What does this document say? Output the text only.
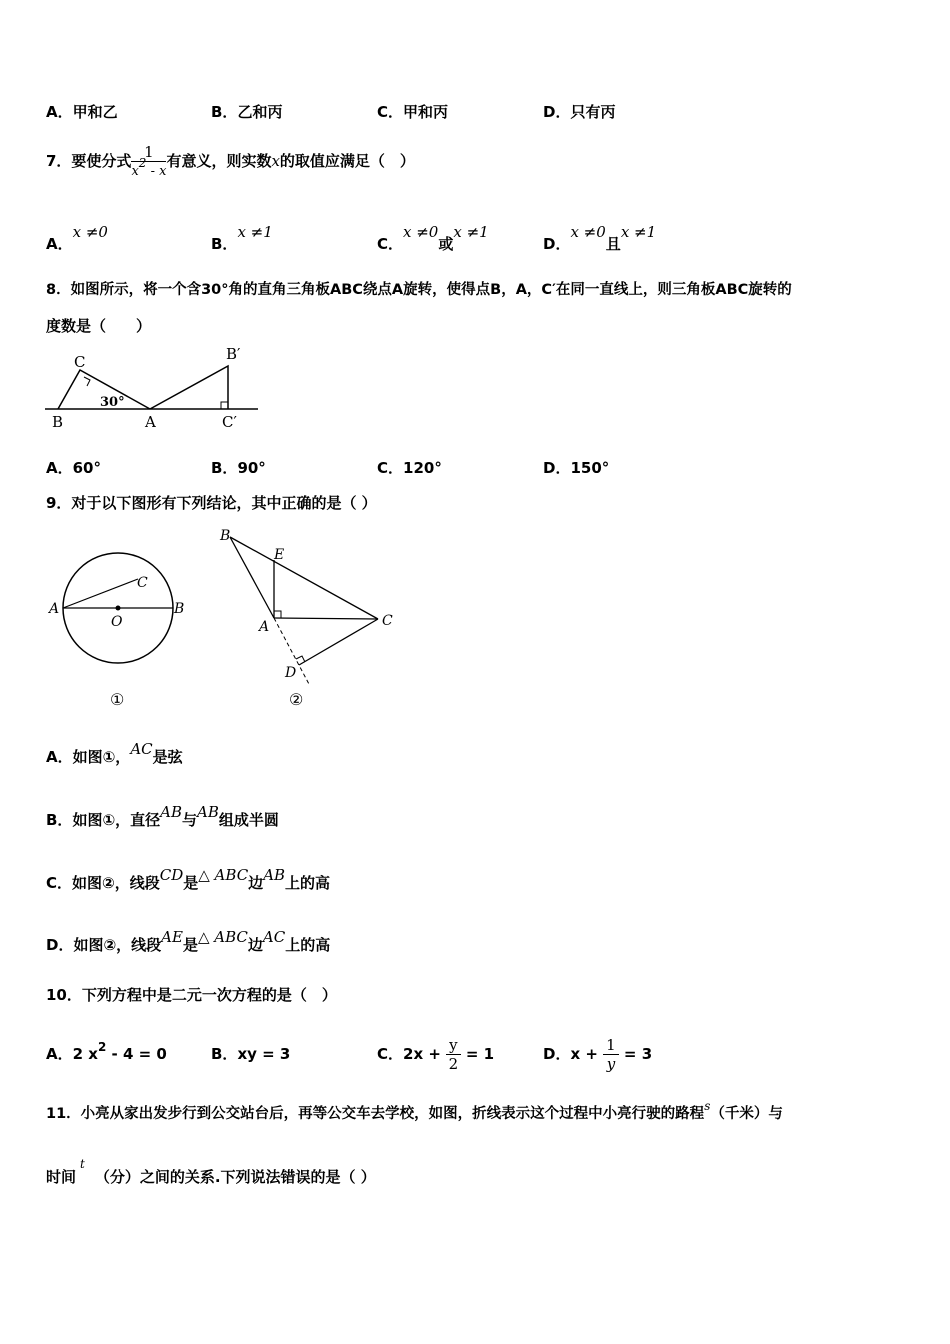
A．甲和乙	B．乙和丙	C．甲和丙	D．只有丙
7．要使分式 $\frac{1}{x2 - x}$ 有意义，则实数x的取值应满足（　）
A．x ≠0
B．x ≠1
C．x ≠0或x ≠1
D．x ≠0且x ≠1
8．如图所示，将一个含30°角的直角三角板ABC绕点A旋转，使得点B，A，C′在同一直线上，则三角板ABC旋转的
度数是（　　）
C
B	A
B′
C′
30°
A．60°	B．90°	C．120°	D．150°
9．对于以下图形有下列结论，其中正确的是（ ）
A	B
C
O
①
B
E
A	C
D
②
A．如图①，AC是弦
B．如图①，直径AB与AB组成半圆
C．如图②，线段CD是△ ABC边AB上的高
D．如图②，线段AE是△ ABC边AC上的高
10．下列方程中是二元一次方程的是（　）
A．2 $x^2 - 4 = 0$	B．xy = 3	C．$2x + \frac{y}{2} = 1$	D．$x + \frac{1}{y} = 3$
11．小亮从家出发步行到公交站台后，再等公交车去学校，如图，折线表示这个过程中小亮行驶的路程$^s$（千米）与
时间$^t$（分）之间的关系.下列说法错误的是（ ）
